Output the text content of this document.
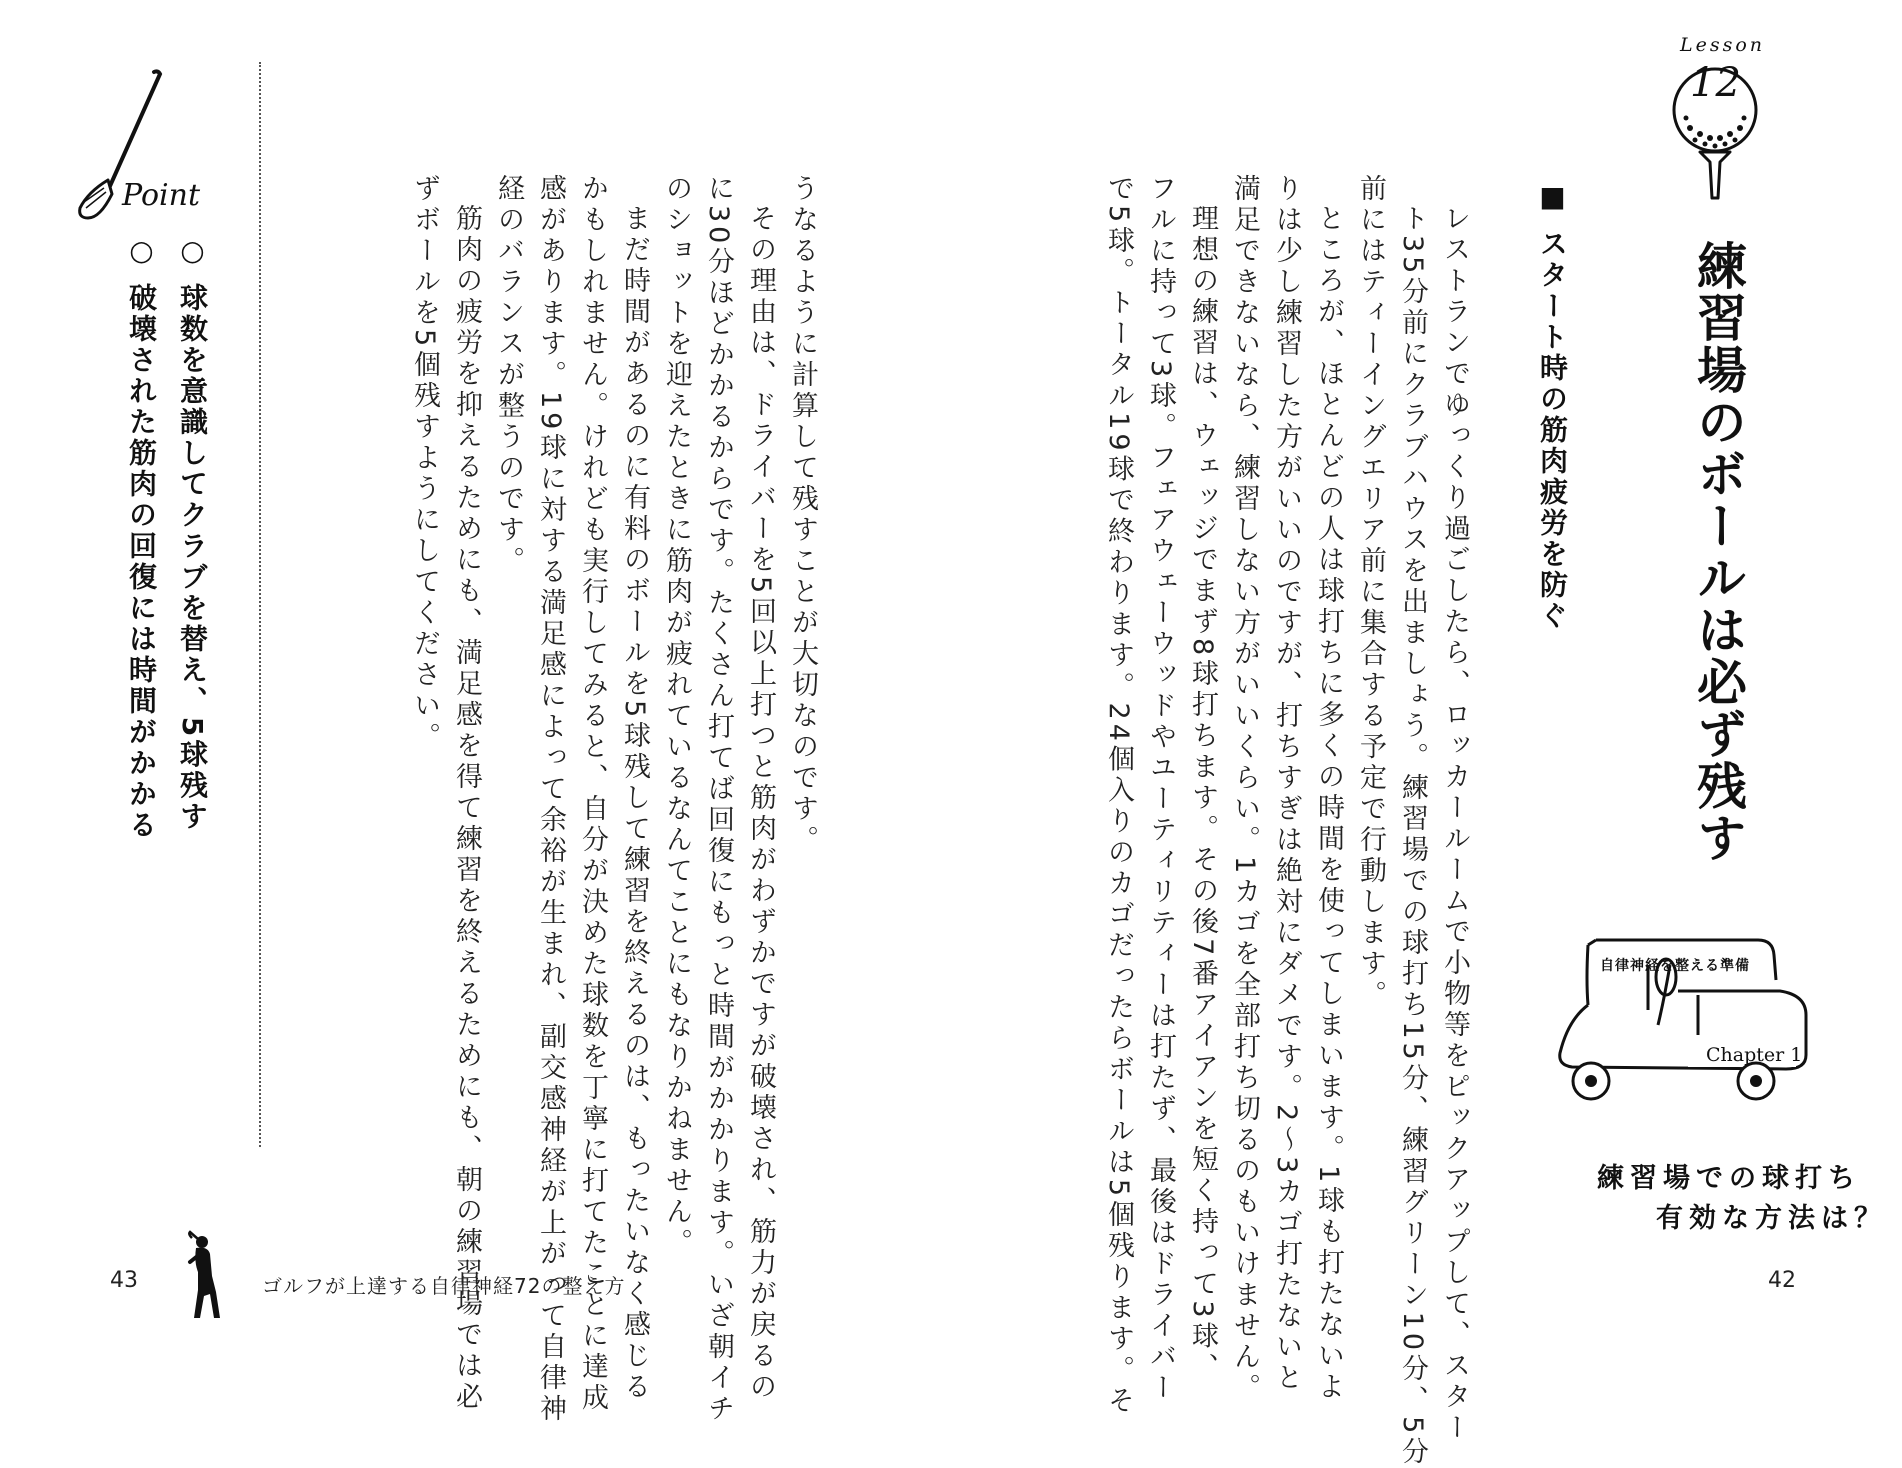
Lesson
12
練習場のボールは必ず残す
■ スタート時の筋肉疲労を防ぐ
レストランでゆっくり過ごしたら、ロッカールームで小物等をピックアップして、スター
ト35分前にクラブハウスを出ましょう。練習場での球打ち15分、練習グリーン10分、5分
前にはティーイングエリア前に集合する予定で行動します。
ところが、ほとんどの人は球打ちに多くの時間を使ってしまいます。1球も打たないよ
りは少し練習した方がいいのですが、打ちすぎは絶対にダメです。2～3カゴ打たないと
満足できないなら、練習しない方がいいくらい。1カゴを全部打ち切るのもいけません。
理想の練習は、ウェッジでまず8球打ちます。その後7番アイアンを短く持って3球、
フルに持って3球。フェアウェーウッドやユーティリティーは打たず、最後はドライバー
で5球。トータル19球で終わります。24個入りのカゴだったらボールは5個残ります。そ	自律神経を整える準備
Chapter 1
練習場での球打ち
有効な方法は？
42
うなるように計算して残すことが大切なのです。
その理由は、ドライバーを5回以上打つと筋肉がわずかですが破壊され、筋力が戻るの
に30分ほどかかるからです。たくさん打てば回復にもっと時間がかかります。いざ朝イチ
のショットを迎えたときに筋肉が疲れているなんてことにもなりかねません。
まだ時間があるのに有料のボールを5球残して練習を終えるのは、もったいなく感じる
かもしれません。けれども実行してみると、自分が決めた球数を丁寧に打てたことに達成
感があります。19球に対する満足感によって余裕が生まれ、副交感神経が上がって自律神
経のバランスが整うのです。
筋肉の疲労を抑えるためにも、満足感を得て練習を終えるためにも、朝の練習場では必
ずボールを5個残すようにしてください。
Point
○ 球数を意識してクラブを替え、5球残す
○ 破壊された筋肉の回復には時間がかかる
43	ゴルフが上達する自律神経72の整え方
